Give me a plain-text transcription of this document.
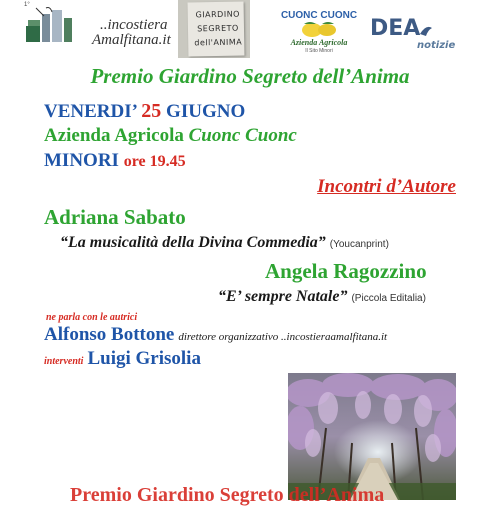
1°
..incostiera
Amalfitana.it
GIARDINO
SEGRETO
dell'ANIMA
CUONC CUONC
Azienda Agricola
Il Sito Minori
DEA
notizie
Premio Giardino Segreto dell’Anima
VENERDI’ 25 GIUGNO
Azienda Agricola Cuonc Cuonc
MINORI ore 19.45
Incontri d’Autore
Adriana Sabato
“La musicalità della Divina Commedia” (Youcanprint)
Angela Ragozzino
“E’ sempre Natale” (Piccola Editalia)
ne parla con le autrici
Alfonso Bottone direttore organizzativo ..incostieraamalfitana.it
interventi Luigi Grisolia
Premio Giardino Segreto dell’Anima
